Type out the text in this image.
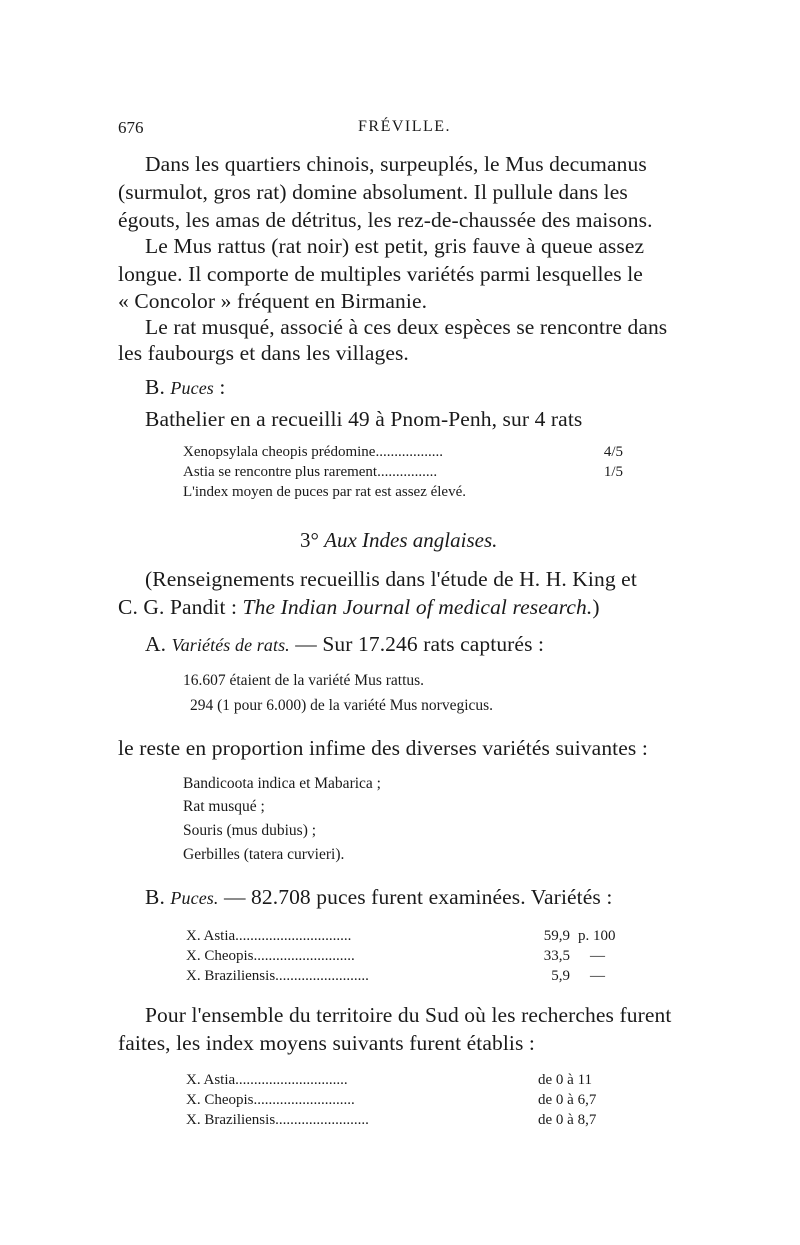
676	FRÉVILLE.
Dans les quartiers chinois, surpeuplés, le Mus decumanus
(surmulot, gros rat) domine absolument. Il pullule dans les
égouts, les amas de détritus, les rez-de-chaussée des maisons.
Le Mus rattus (rat noir) est petit, gris fauve à queue assez
longue. Il comporte de multiples variétés parmi lesquelles le
« Concolor » fréquent en Birmanie.
Le rat musqué, associé à ces deux espèces se rencontre dans
les faubourgs et dans les villages.
B. Puces :
Bathelier en a recueilli 49 à Pnom-Penh, sur 4 rats
Xenopsylala cheopis prédomine..................	4/5
Astia se rencontre plus rarement................	1/5
L'index moyen de puces par rat est assez élevé.
3° Aux Indes anglaises.
(Renseignements recueillis dans l'étude de H. H. King et
C. G. Pandit : The Indian Journal of medical research.)
A. Variétés de rats. — Sur 17.246 rats capturés :
16.607 étaient de la variété Mus rattus.
294 (1 pour 6.000) de la variété Mus norvegicus.
le reste en proportion infime des diverses variétés suivantes :
Bandicoota indica et Mabarica ;
Rat musqué ;
Souris (mus dubius) ;
Gerbilles (tatera curvieri).
B. Puces. — 82.708 puces furent examinées. Variétés :
X. Astia...............................	59,9 p. 100
X. Cheopis...........................	33,5 —
X. Braziliensis.........................	5,9 —
Pour l'ensemble du territoire du Sud où les recherches furent
faites, les index moyens suivants furent établis :
X. Astia..............................	de 0 à 11
X. Cheopis...........................	de 0 à 6,7
X. Braziliensis.........................	de 0 à 8,7
